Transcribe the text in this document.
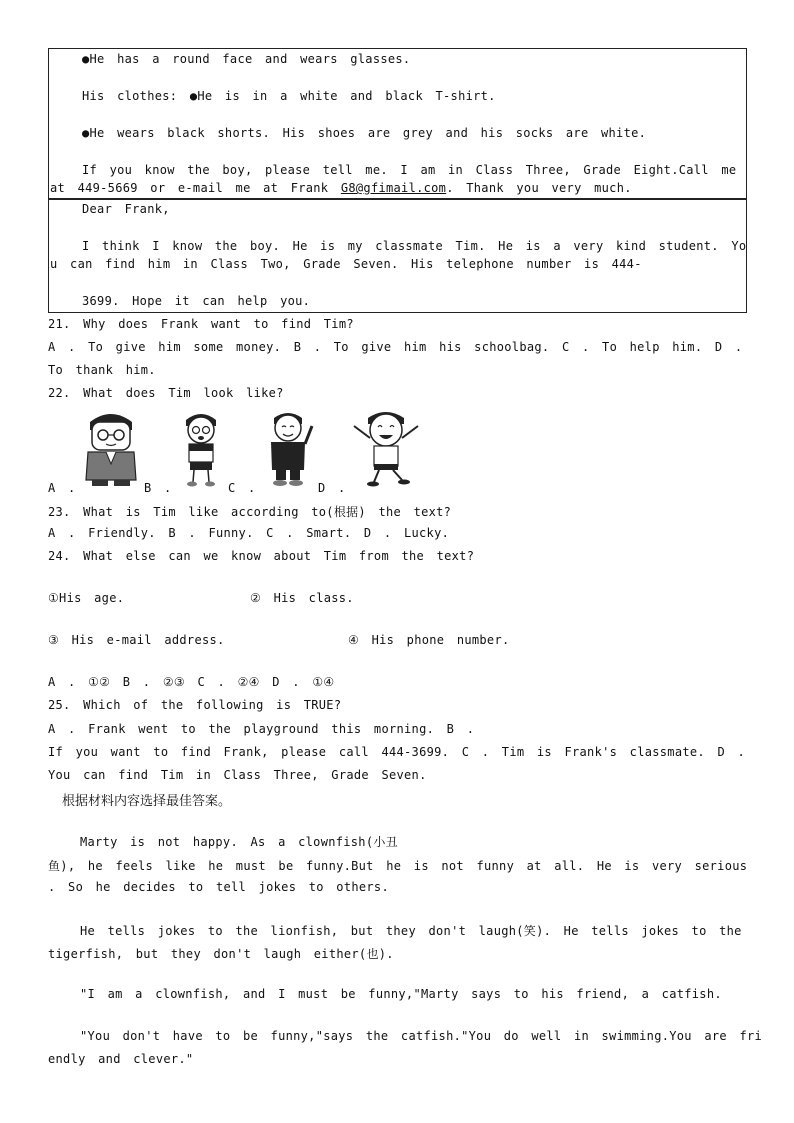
●He has a round face and wears glasses.
His clothes: ●He is in a white and black T-shirt.
●He wears black shorts. His shoes are grey and his socks are white.
If you know the boy, please tell me. I am in Class Three, Grade Eight.Call me
at 449-5669 or e-mail me at Frank G8@gfimail.com. Thank you very much.
Dear Frank,
I think I know the boy. He is my classmate Tim. He is a very kind student. Yo
u can find him in Class Two, Grade Seven. His telephone number is 444-
3699. Hope it can help you.
21. Why does Frank want to find Tim?
A . To give him some money. B . To give him his schoolbag. C . To help him. D .
To thank him.
22. What does Tim look like?
A .	B .	C .	D .
23. What is Tim like according to(根据) the text?
A . Friendly. B . Funny. C . Smart. D . Lucky.
24. What else can we know about Tim from the text?
①His age.	② His class.
③ His e-mail address.	④ His phone number.
A . ①② B . ②③ C . ②④ D . ①④
25. Which of the following is TRUE?
A . Frank went to the playground this morning. B .
If you want to find Frank, please call 444-3699. C . Tim is Frank's classmate. D .
You can find Tim in Class Three, Grade Seven.
根据材料内容选择最佳答案。
Marty is not happy. As a clownfish(小丑
鱼), he feels like he must be funny.But he is not funny at all. He is very serious
. So he decides to tell jokes to others.
He tells jokes to the lionfish, but they don't laugh(笑). He tells jokes to the
tigerfish, but they don't laugh either(也).
"I am a clownfish, and I must be funny,"Marty says to his friend, a catfish.
"You don't have to be funny,"says the catfish."You do well in swimming.You are fri
endly and clever."
